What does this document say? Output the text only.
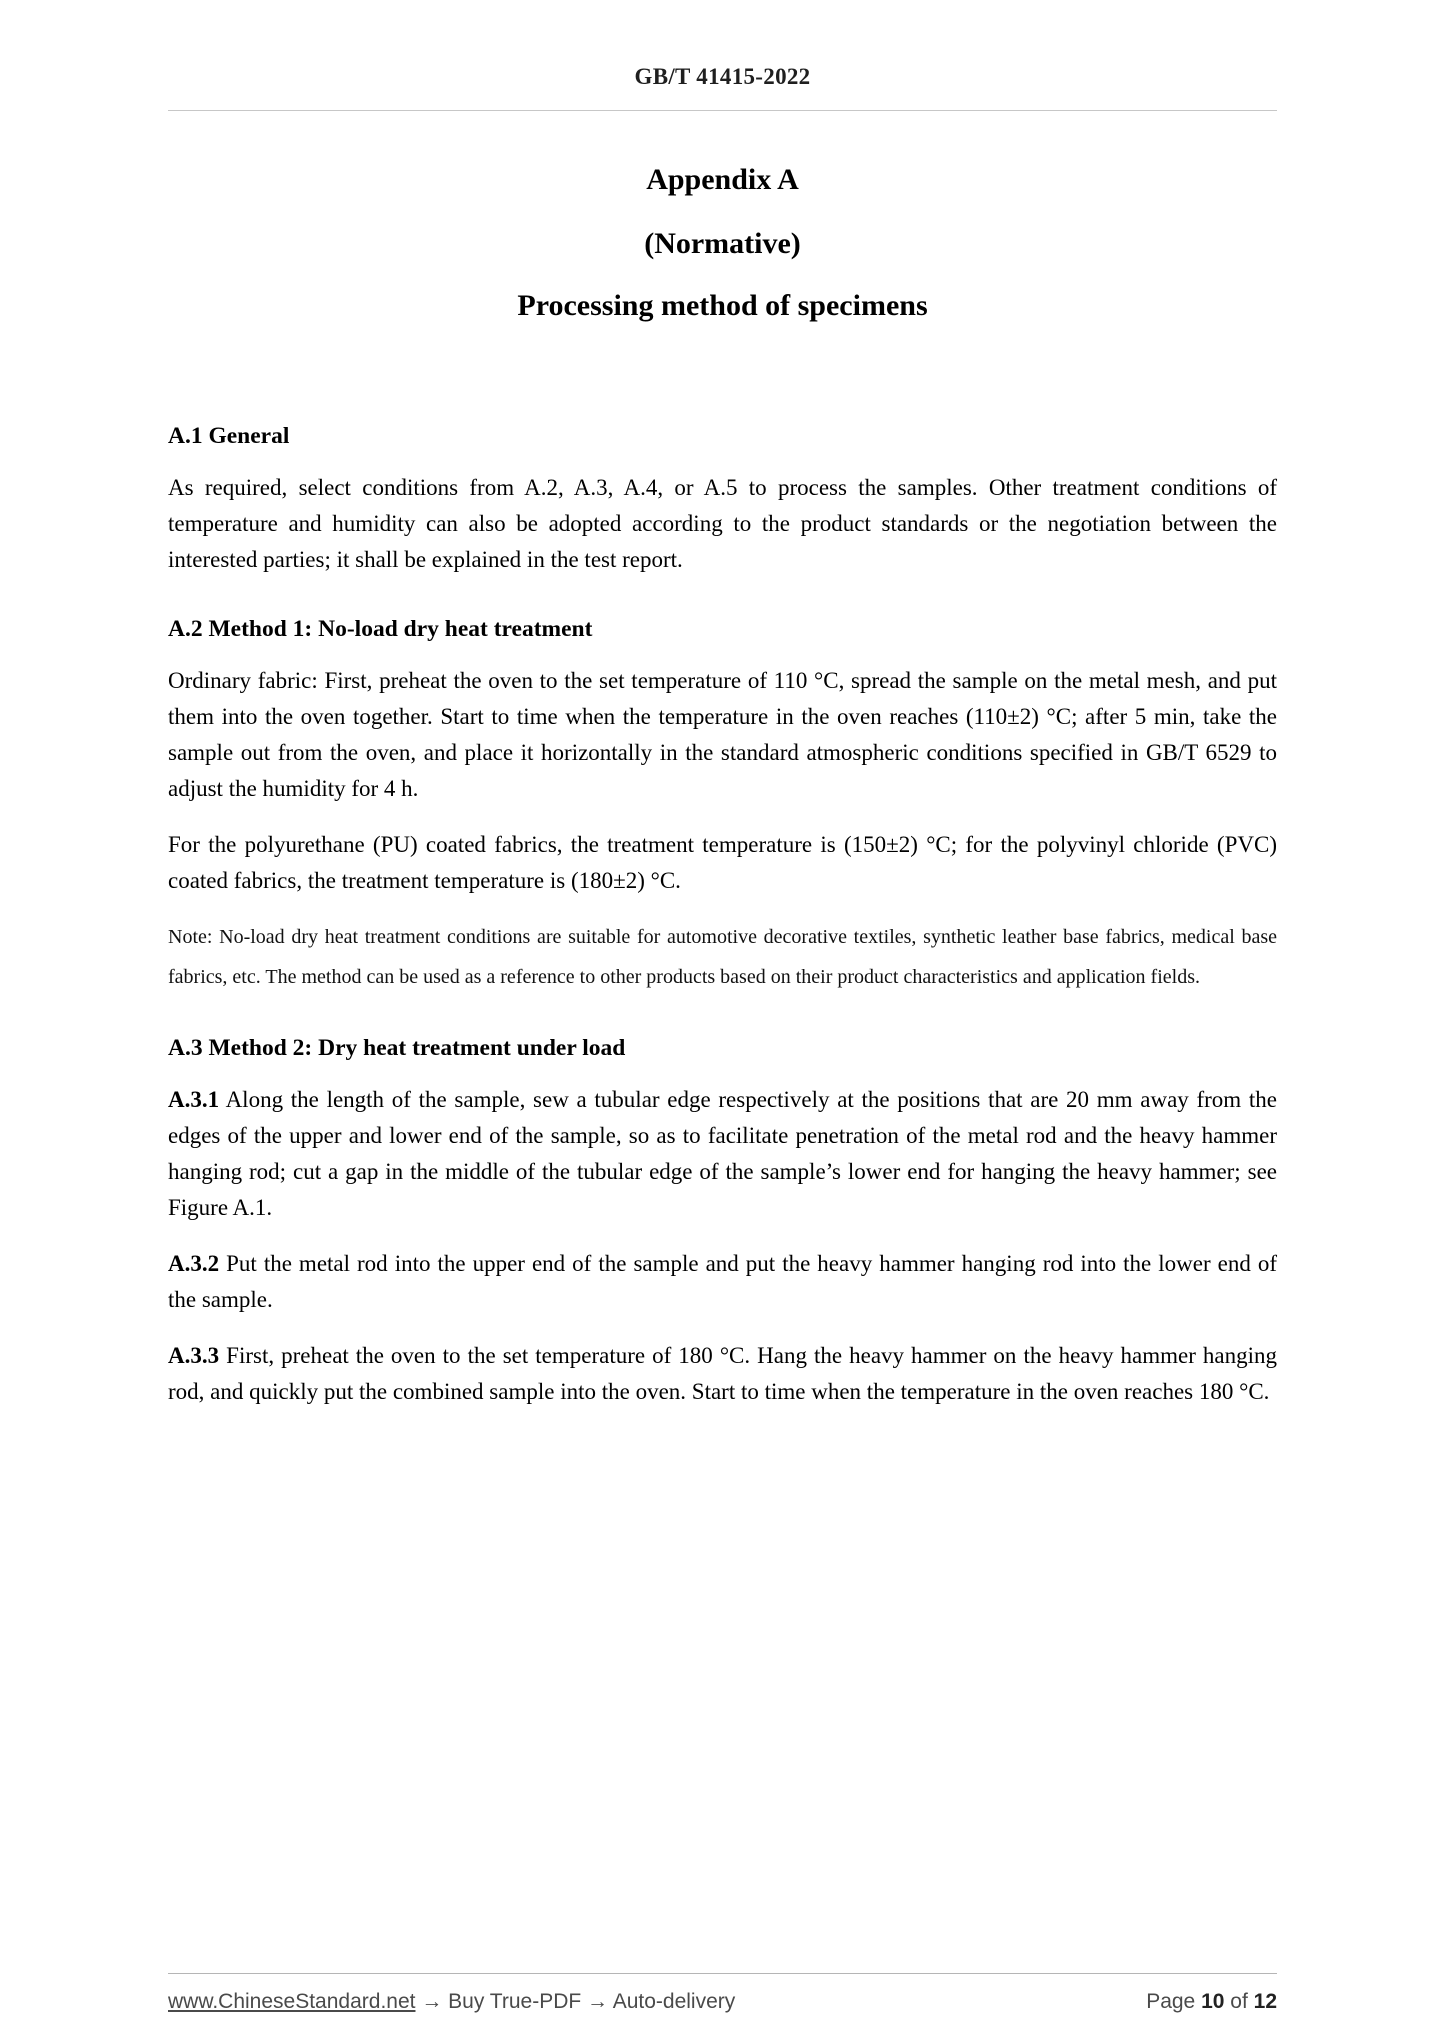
GB/T 41415-2022
Appendix A
(Normative)
Processing method of specimens
A.1 General
As required, select conditions from A.2, A.3, A.4, or A.5 to process the samples. Other treatment conditions of temperature and humidity can also be adopted according to the product standards or the negotiation between the interested parties; it shall be explained in the test report.
A.2 Method 1: No-load dry heat treatment
Ordinary fabric: First, preheat the oven to the set temperature of 110 °C, spread the sample on the metal mesh, and put them into the oven together. Start to time when the temperature in the oven reaches (110±2) °C; after 5 min, take the sample out from the oven, and place it horizontally in the standard atmospheric conditions specified in GB/T 6529 to adjust the humidity for 4 h.
For the polyurethane (PU) coated fabrics, the treatment temperature is (150±2) °C; for the polyvinyl chloride (PVC) coated fabrics, the treatment temperature is (180±2) °C.
Note: No-load dry heat treatment conditions are suitable for automotive decorative textiles, synthetic leather base fabrics, medical base fabrics, etc. The method can be used as a reference to other products based on their product characteristics and application fields.
A.3 Method 2: Dry heat treatment under load
A.3.1 Along the length of the sample, sew a tubular edge respectively at the positions that are 20 mm away from the edges of the upper and lower end of the sample, so as to facilitate penetration of the metal rod and the heavy hammer hanging rod; cut a gap in the middle of the tubular edge of the sample’s lower end for hanging the heavy hammer; see Figure A.1.
A.3.2 Put the metal rod into the upper end of the sample and put the heavy hammer hanging rod into the lower end of the sample.
A.3.3 First, preheat the oven to the set temperature of 180 °C. Hang the heavy hammer on the heavy hammer hanging rod, and quickly put the combined sample into the oven. Start to time when the temperature in the oven reaches 180 °C.
www.ChineseStandard.net → Buy True-PDF → Auto-delivery	Page 10 of 12
